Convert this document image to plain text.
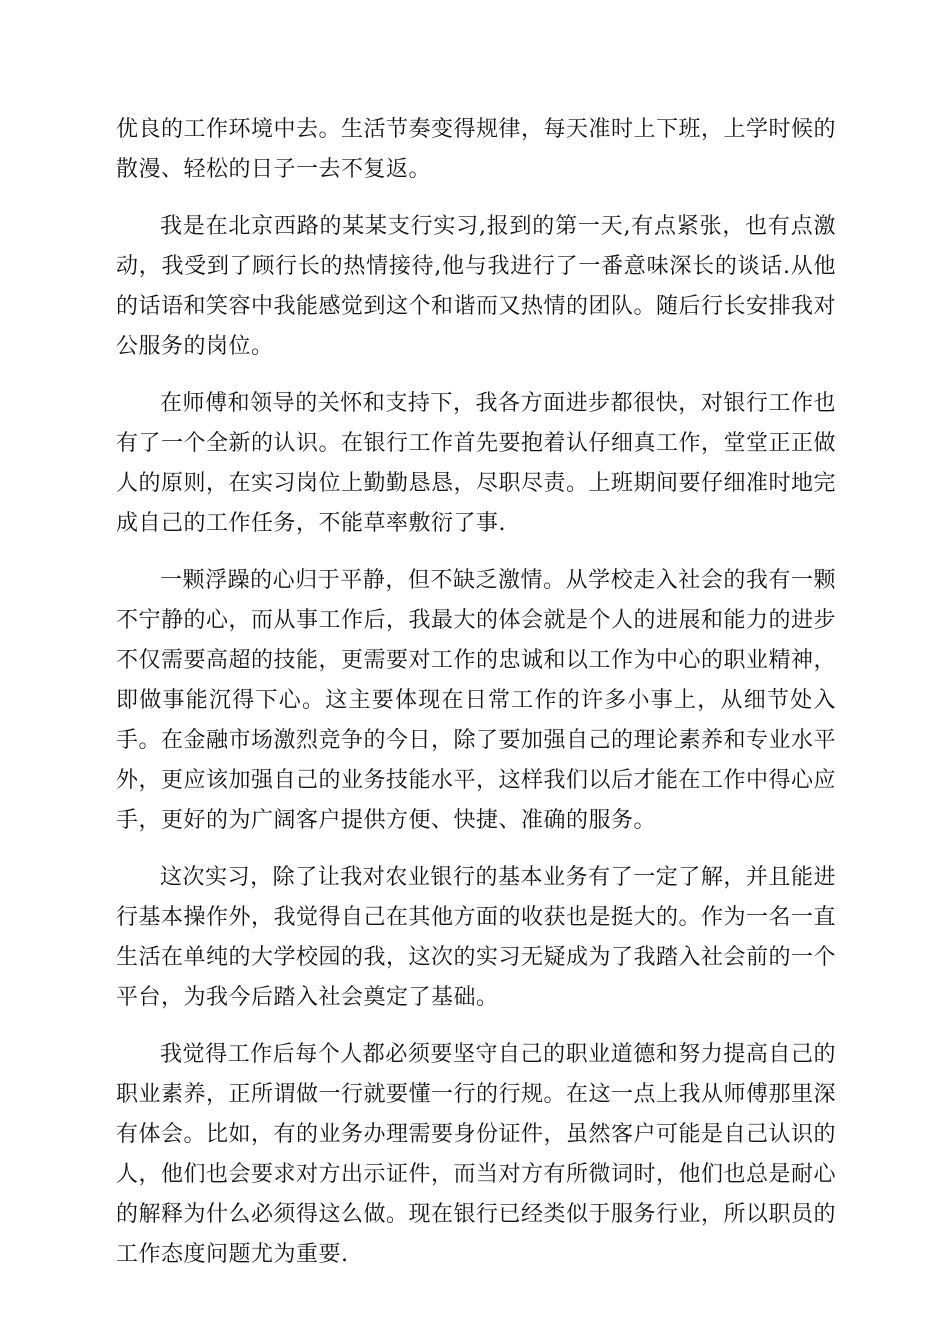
优良的工作环境中去。生活节奏变得规律，每天准时上下班，上学时候的散漫、轻松的日子一去不复返。

我是在北京西路的某某支行实习,报到的第一天,有点紧张，也有点激动，我受到了顾行长的热情接待,他与我进行了一番意味深长的谈话.从他的话语和笑容中我能感觉到这个和谐而又热情的团队。随后行长安排我对公服务的岗位。

在师傅和领导的关怀和支持下，我各方面进步都很快，对银行工作也有了一个全新的认识。在银行工作首先要抱着认仔细真工作，堂堂正正做人的原则，在实习岗位上勤勤恳恳，尽职尽责。上班期间要仔细准时地完成自己的工作任务，不能草率敷衍了事.

一颗浮躁的心归于平静，但不缺乏激情。从学校走入社会的我有一颗不宁静的心，而从事工作后，我最大的体会就是个人的进展和能力的进步不仅需要高超的技能，更需要对工作的忠诚和以工作为中心的职业精神，即做事能沉得下心。这主要体现在日常工作的许多小事上，从细节处入手。在金融市场激烈竞争的今日，除了要加强自己的理论素养和专业水平外，更应该加强自己的业务技能水平，这样我们以后才能在工作中得心应手，更好的为广阔客户提供方便、快捷、准确的服务。

这次实习，除了让我对农业银行的基本业务有了一定了解，并且能进行基本操作外，我觉得自己在其他方面的收获也是挺大的。作为一名一直生活在单纯的大学校园的我，这次的实习无疑成为了我踏入社会前的一个平台，为我今后踏入社会奠定了基础。

我觉得工作后每个人都必须要坚守自己的职业道德和努力提高自己的职业素养，正所谓做一行就要懂一行的行规。在这一点上我从师傅那里深有体会。比如，有的业务办理需要身份证件，虽然客户可能是自己认识的人，他们也会要求对方出示证件，而当对方有所微词时，他们也总是耐心的解释为什么必须得这么做。现在银行已经类似于服务行业，所以职员的工作态度问题尤为重要.
